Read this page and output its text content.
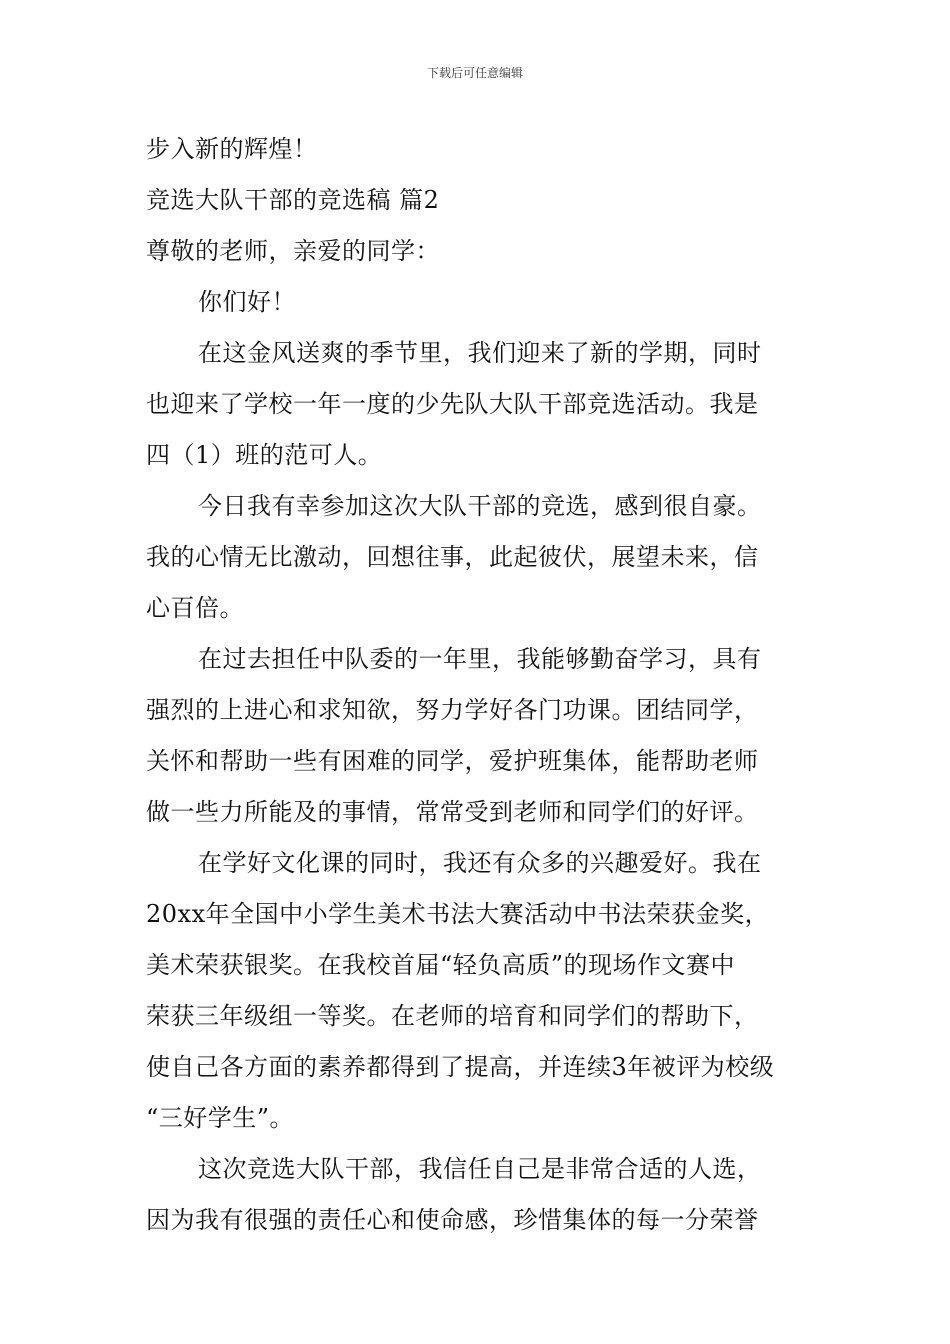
下载后可任意编辑

步入新的辉煌！

竞选大队干部的竞选稿 篇2

尊敬的老师，亲爱的同学：

你们好！

在这金风送爽的季节里，我们迎来了新的学期，同时

也迎来了学校一年一度的少先队大队干部竞选活动。我是

四（1）班的范可人。

今日我有幸参加这次大队干部的竞选，感到很自豪。

我的心情无比激动，回想往事，此起彼伏，展望未来，信

心百倍。

在过去担任中队委的一年里，我能够勤奋学习，具有

强烈的上进心和求知欲，努力学好各门功课。团结同学，

关怀和帮助一些有困难的同学，爱护班集体，能帮助老师

做一些力所能及的事情，常常受到老师和同学们的好评。

在学好文化课的同时，我还有众多的兴趣爱好。我在

20xx年全国中小学生美术书法大赛活动中书法荣获金奖，

美术荣获银奖。在我校首届“轻负高质”的现场作文赛中

荣获三年级组一等奖。在老师的培育和同学们的帮助下，

使自己各方面的素养都得到了提高，并连续3年被评为校级

“三好学生”。

这次竞选大队干部，我信任自己是非常合适的人选，

因为我有很强的责任心和使命感，珍惜集体的每一分荣誉
